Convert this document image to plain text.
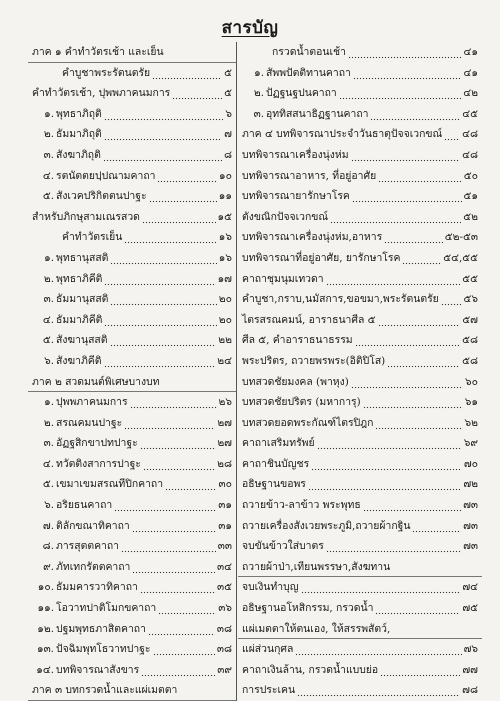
สารบัญ
ภาค ๑ คำทำวัตรเช้า และเย็น
คำบูชาพระรัตนตรัย	๕
คำทำวัตรเช้า, ปุพพภาคนมการ	๕
๑. พุทธาภิถุติ	๖
๒. ธัมมาภิถุติ	๗
๓. สังฆาภิถุติ	๘
๔. รตนัตตยปฺปณามคาถา	๑๐
๕. สังเวคปริกิตตนปาฐะ	๑๑
สำหรับภิกษุสามเณรสวด	๑๕
คำทำวัตรเย็น	๑๖
๑. พุทธานุสสติ	๑๖
๒. พุทธาภิคีติ	๑๗
๓. ธัมมานุสสติ	๒๐
๔. ธัมมาภิคีติ	๒๐
๕. สังฆานุสสติ	๒๒
๖. สังฆาภิคีติ	๒๔
ภาค ๒ สวดมนต์พิเศษบางบท
๑. ปุพพภาคนมการ	๒๖
๒. สรณคมนปาฐะ	๒๗
๓. อัฏฐสิกขาปทปาฐะ	๒๗
๔. ทวัตติงสาการปาฐะ	๒๘
๕. เขมาเขมสรณทีปิกคาถา	๓๐
๖. อริยธนคาถา	๓๑
๗. ติลักขณาทิคาถา	๓๑
๘. ภารสุตตคาถา	๓๓
๙. ภัทเทกรัตตคาถา	๓๔
๑๐. ธัมมคารวาทิคาถา	๓๕
๑๑. โอวาทปาติโมกขคาถา	๓๖
๑๒. ปฐมพุทธภาสิตคาถา	๓๘
๑๓. ปัจฉิมพุทโธวาทปาฐะ	๓๘
๑๔. บทพิจารณาสังขาร	๓๙
ภาค ๓ บทกรวดน้ำและแผ่เมตตา
กรวดน้ำตอนเช้า	๔๑
๑. สัพพปัตติทานคาถา	๔๑
๒. ปัฏฐนฐปนคาถา	๔๒
๓. อุททิสสนาธิฏฐานคาถา	๔๕
ภาค ๔ บทพิจารณาประจำวันธาตุปัจจเวกขณ์ ๔๘
บทพิจารณาเครื่องนุ่งห่ม	๔๘
บทพิจารณาอาหาร, ที่อยู่อาศัย	๕๐
บทพิจารณายารักษาโรค	๕๑
ตังขณิกปัจจเวกขณ์	๕๒
บทพิจารณาเครื่องนุ่งห่ม,อาหาร	๕๒-๕๓
บทพิจารณาที่อยู่อาศัย, ยารักษาโรค	๕๔,๕๕
คาถาชุมนุมเทวดา	๕๕
คำบูชา,กราบ,นมัสการ,ขอขมา,พระรัตนตรัย ๕๖
ไตรสรณคมน์, อาราธนาศีล ๕	๕๗
ศีล ๕, คำอาราธนาธรรม	๕๘
พระปริตร, ถวายพรพระ(อิติปิโส)	๕๘
บทสวดชัยมงคล (พาหุง)	๖๐
บทสวดชัยปริตร (มหาการุ)	๖๑
บทสวดยอดพระกัณฑ์ไตรปิฎก	๖๒
คาถาเสริมทรัพย์	๖๙
คาถาชินบัญชร	๗๐
อธิษฐานขอพร	๗๒
ถวายข้าว-ลาข้าว พระพุทธ	๗๓
ถวายเครื่องสังเวยพระภูมิ,ถวายผ้ากฐิน	๗๓
จบขันข้าวใส่บาตร	๗๓
ถวายผ้าป่า,เทียนพรรษา,สังฆทาน
จบเงินทำบุญ	๗๔
อธิษฐานอโหสิกรรม, กรวดน้ำ	๗๕
แผ่เมตตาให้ตนเอง, ให้สรรพสัตว์,
แผ่ส่วนกุศล	๗๖
คาถาเงินล้าน, กรวดน้ำแบบย่อ	๗๗
การประเคน	๗๘
